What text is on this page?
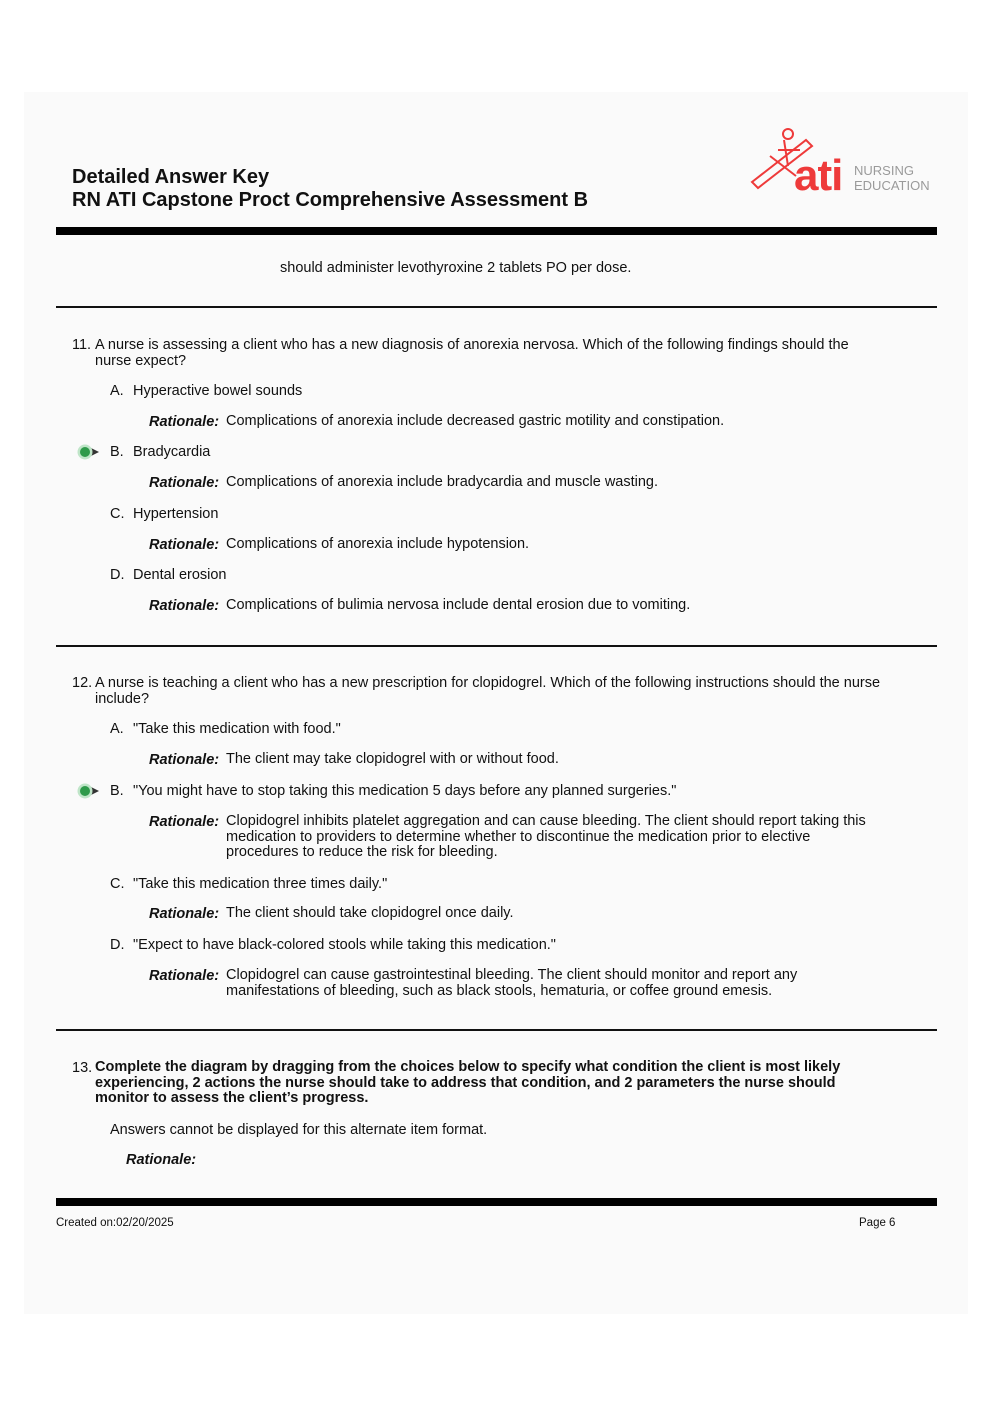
Detailed Answer Key
RN ATI Capstone Proct Comprehensive Assessment B	ati NURSING
EDUCATION

should administer levothyroxine 2 tablets PO per dose.

11. A nurse is assessing a client who has a new diagnosis of anorexia nervosa. Which of the following findings should the nurse expect?

A. Hyperactive bowel sounds
Rationale: Complications of anorexia include decreased gastric motility and constipation.

B. Bradycardia
Rationale: Complications of anorexia include bradycardia and muscle wasting.

C. Hypertension
Rationale: Complications of anorexia include hypotension.

D. Dental erosion
Rationale: Complications of bulimia nervosa include dental erosion due to vomiting.

12. A nurse is teaching a client who has a new prescription for clopidogrel. Which of the following instructions should the nurse include?

A. "Take this medication with food."
Rationale: The client may take clopidogrel with or without food.

B. "You might have to stop taking this medication 5 days before any planned surgeries."
Rationale: Clopidogrel inhibits platelet aggregation and can cause bleeding. The client should report taking this medication to providers to determine whether to discontinue the medication prior to elective procedures to reduce the risk for bleeding.

C. "Take this medication three times daily."
Rationale: The client should take clopidogrel once daily.

D. "Expect to have black-colored stools while taking this medication."
Rationale: Clopidogrel can cause gastrointestinal bleeding. The client should monitor and report any manifestations of bleeding, such as black stools, hematuria, or coffee ground emesis.

13. Complete the diagram by dragging from the choices below to specify what condition the client is most likely experiencing, 2 actions the nurse should take to address that condition, and 2 parameters the nurse should monitor to assess the client’s progress.

Answers cannot be displayed for this alternate item format.

Rationale:
Created on:02/20/2025	Page 6
